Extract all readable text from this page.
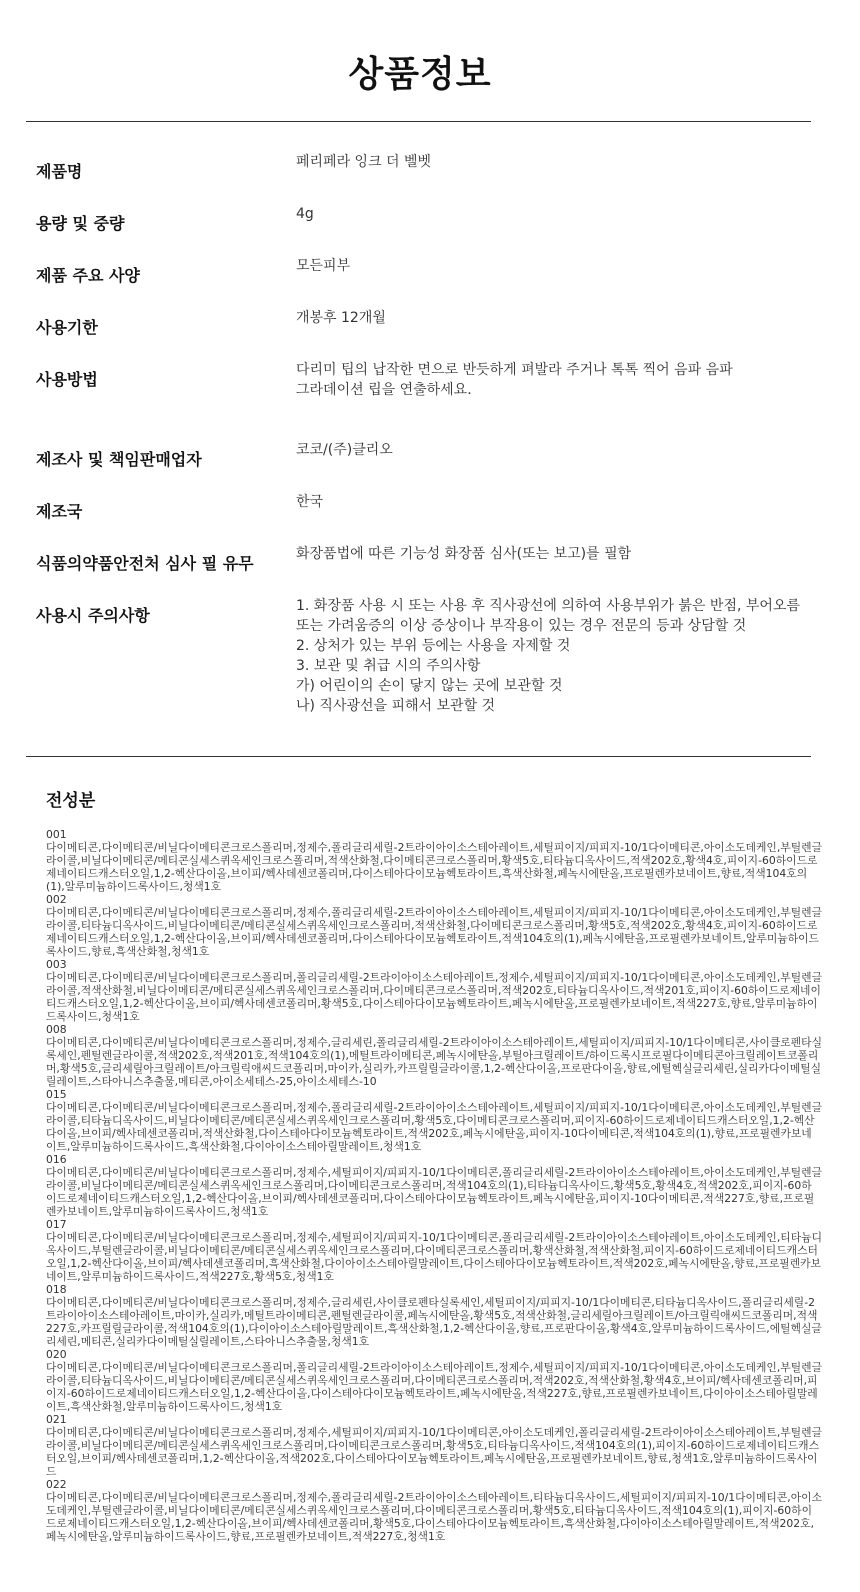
상품정보
제품명	페리페라 잉크 더 벨벳
용량 및 중량	4g
제품 주요 사양	모든피부
사용기한	개봉후 12개월
사용방법	다리미 팁의 납작한 면으로 반듯하게 펴발라 주거나 톡톡 찍어 음파 음파
그라데이션 립을 연출하세요.
제조사 및 책임판매업자	코코/(주)클리오
제조국	한국
식품의약품안전처 심사 필 유무	화장품법에 따른 기능성 화장품 심사(또는 보고)를 필함
사용시 주의사항	1. 화장품 사용 시 또는 사용 후 직사광선에 의하여 사용부위가 붉은 반점, 부어오름
또는 가려움증의 이상 증상이나 부작용이 있는 경우 전문의 등과 상담할 것
2. 상처가 있는 부위 등에는 사용을 자제할 것
3. 보관 및 취급 시의 주의사항
가) 어린이의 손이 닿지 않는 곳에 보관할 것
나) 직사광선을 피해서 보관할 것
전성분
001
다이메티콘,다이메티콘/비닐다이메티콘크로스폴리머,정제수,폴리글리세릴-2트라이아이소스테아레이트,세틸피이지/피피지-10/1다이메티콘,아이소도데케인,부틸렌글라이콜,비닐다이메티콘/메티콘실세스퀴옥세인크로스폴리머,적색산화철,다이메티콘크로스폴리머,황색5호,티타늄디옥사이드,적색202호,황색4호,피이지-60하이드로제네이티드캐스터오일,1,2-헥산다이올,브이피/헥사데센코폴리머,다이스테아다이모늄헥토라이트,흑색산화철,페녹시에탄올,프로필렌카보네이트,향료,적색104호의(1),알루미늄하이드록사이드,청색1호
002
다이메티콘,다이메티콘/비닐다이메티콘크로스폴리머,정제수,폴리글리세릴-2트라이아이소스테아레이트,세틸피이지/피피지-10/1다이메티콘,아이소도데케인,부틸렌글라이콜,티타늄디옥사이드,비닐다이메티콘/메티콘실세스퀴옥세인크로스폴리머,적색산화철,다이메티콘크로스폴리머,황색5호,적색202호,황색4호,피이지-60하이드로제네이티드캐스터오일,1,2-헥산다이올,브이피/헥사데센코폴리머,다이스테아다이모늄헥토라이트,적색104호의(1),페녹시에탄올,프로필렌카보네이트,알루미늄하이드록사이드,향료,흑색산화철,청색1호
003
다이메티콘,다이메티콘/비닐다이메티콘크로스폴리머,폴리글리세릴-2트라이아이소스테아레이트,정제수,세틸피이지/피피지-10/1다이메티콘,아이소도데케인,부틸렌글라이콜,적색산화철,비닐다이메티콘/메티콘실세스퀴옥세인크로스폴리머,다이메티콘크로스폴리머,적색202호,티타늄디옥사이드,적색201호,피이지-60하이드로제네이티드캐스터오일,1,2-헥산다이올,브이피/헥사데센코폴리머,황색5호,다이스테아다이모늄헥토라이트,페녹시에탄올,프로필렌카보네이트,적색227호,향료,알루미늄하이드록사이드,청색1호
008
다이메티콘,다이메티콘/비닐다이메티콘크로스폴리머,정제수,글리세린,폴리글리세릴-2트라이아이소스테아레이트,세틸피이지/피피지-10/1다이메티콘,사이클로펜타실록세인,펜틸렌글라이콜,적색202호,적색201호,적색104호의(1),메틸트라이메티콘,페녹시에탄올,부틸아크릴레이트/하이드록시프로필다이메티콘아크릴레이트코폴리머,황색5호,글리세릴아크릴레이트/아크릴릭애씨드코폴리머,마이카,실리카,카프릴릴글라이콜,1,2-헥산다이올,프로판다이올,향료,에틸헥실글리세린,실리카다이메틸실릴레이트,스타아니스추출물,메티콘,아이소세테스-25,아이소세테스-10
015
다이메티콘,다이메티콘/비닐다이메티콘크로스폴리머,정제수,폴리글리세릴-2트라이아이소스테아레이트,세틸피이지/피피지-10/1다이메티콘,아이소도데케인,부틸렌글라이콜,티타늄디옥사이드,비닐다이메티콘/메티콘실세스퀴옥세인크로스폴리머,황색5호,다이메티콘크로스폴리머,피이지-60하이드로제네이티드캐스터오일,1,2-헥산다이올,브이피/헥사데센코폴리머,적색산화철,다이스테아다이모늄헥토라이트,적색202호,페녹시에탄올,피이지-10다이메티콘,적색104호의(1),향료,프로필렌카보네이트,알루미늄하이드록사이드,흑색산화철,다이아이소스테아릴말레이트,청색1호
016
다이메티콘,다이메티콘/비닐다이메티콘크로스폴리머,정제수,세틸피이지/피피지-10/1다이메티콘,폴리글리세릴-2트라이아이소스테아레이트,아이소도데케인,부틸렌글라이콜,비닐다이메티콘/메티콘실세스퀴옥세인크로스폴리머,다이메티콘크로스폴리머,적색104호의(1),티타늄디옥사이드,황색5호,황색4호,적색202호,피이지-60하이드로제네이티드캐스터오일,1,2-헥산다이올,브이피/헥사데센코폴리머,다이스테아다이모늄헥토라이트,페녹시에탄올,피이지-10다이메티콘,적색227호,향료,프로필렌카보네이트,알루미늄하이드록사이드,청색1호
017
다이메티콘,다이메티콘/비닐다이메티콘크로스폴리머,정제수,세틸피이지/피피지-10/1다이메티콘,폴리글리세릴-2트라이아이소스테아레이트,아이소도데케인,티타늄디옥사이드,부틸렌글라이콜,비닐다이메티콘/메티콘실세스퀴옥세인크로스폴리머,다이메티콘크로스폴리머,황색산화철,적색산화철,피이지-60하이드로제네이티드캐스터오일,1,2-헥산다이올,브이피/헥사데센코폴리머,흑색산화철,다이아이소스테아릴말레이트,다이스테아다이모늄헥토라이트,적색202호,페녹시에탄올,향료,프로필렌카보네이트,알루미늄하이드록사이드,적색227호,황색5호,청색1호
018
다이메티콘,다이메티콘/비닐다이메티콘크로스폴리머,정제수,글리세린,사이클로펜타실록세인,세틸피이지/피피지-10/1다이메티콘,티타늄디옥사이드,폴리글리세릴-2트라이아이소스테아레이트,마이카,실리카,메틸트라이메티콘,펜틸렌글라이콜,페녹시에탄올,황색5호,적색산화철,글리세릴아크릴레이트/아크릴릭애씨드코폴리머,적색227호,카프릴릴글라이콜,적색104호의(1),다이아이소스테아릴말레이트,흑색산화철,1,2-헥산다이올,향료,프로판다이올,황색4호,알루미늄하이드록사이드,에틸헥실글리세린,메티콘,실리카다이메틸실릴레이트,스타아니스추출물,청색1호
020
다이메티콘,다이메티콘/비닐다이메티콘크로스폴리머,폴리글리세릴-2트라이아이소스테아레이트,정제수,세틸피이지/피피지-10/1다이메티콘,아이소도데케인,부틸렌글라이콜,티타늄디옥사이드,비닐다이메티콘/메티콘실세스퀴옥세인크로스폴리머,다이메티콘크로스폴리머,적색202호,적색산화철,황색4호,브이피/헥사데센코폴리머,피이지-60하이드로제네이티드캐스터오일,1,2-헥산다이올,다이스테아다이모늄헥토라이트,페녹시에탄올,적색227호,향료,프로필렌카보네이트,다이아이소스테아릴말레이트,흑색산화철,알루미늄하이드록사이드,청색1호
021
다이메티콘,다이메티콘/비닐다이메티콘크로스폴리머,정제수,세틸피이지/피피지-10/1다이메티콘,아이소도데케인,폴리글리세릴-2트라이아이소스테아레이트,부틸렌글라이콜,비닐다이메티콘/메티콘실세스퀴옥세인크로스폴리머,다이메티콘크로스폴리머,황색5호,티타늄디옥사이드,적색104호의(1),피이지-60하이드로제네이티드캐스터오일,브이피/헥사데센코폴리머,1,2-헥산다이올,적색202호,다이스테아다이모늄헥토라이트,페녹시에탄올,프로필렌카보네이트,향료,청색1호,알루미늄하이드록사이드
022
다이메티콘,다이메티콘/비닐다이메티콘크로스폴리머,정제수,폴리글리세릴-2트라이아이소스테아레이트,티타늄디옥사이드,세틸피이지/피피지-10/1다이메티콘,아이소도데케인,부틸렌글라이콜,비닐다이메티콘/메티콘실세스퀴옥세인크로스폴리머,다이메티콘크로스폴리머,황색5호,티타늄디옥사이드,적색104호의(1),피이지-60하이드로제네이티드캐스터오일,1,2-헥산다이올,브이피/헥사데센코폴리머,황색5호,다이스테아다이모늄헥토라이트,흑색산화철,다이아이소스테아릴말레이트,적색202호,페녹시에탄올,알루미늄하이드록사이드,향료,프로필렌카보네이트,적색227호,청색1호
